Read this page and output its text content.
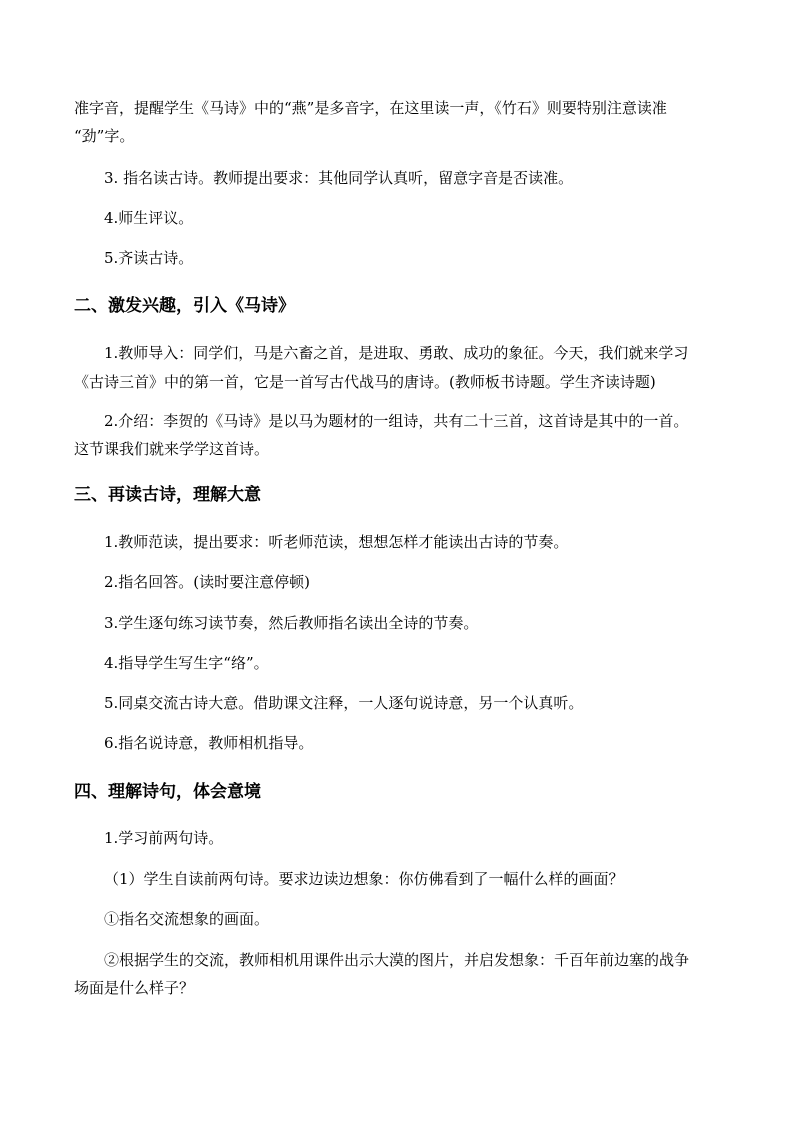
准字音，提醒学生《马诗》中的“燕”是多音字，在这里读一声，《竹石》则要特别注意读准
“劲”字。
3. 指名读古诗。教师提出要求：其他同学认真听，留意字音是否读准。
4.师生评议。
5.齐读古诗。
二、激发兴趣，引入《马诗》
1.教师导入：同学们，马是六畜之首，是进取、勇敢、成功的象征。今天，我们就来学习
《古诗三首》中的第一首，它是一首写古代战马的唐诗。(教师板书诗题。学生齐读诗题)
2.介绍：李贺的《马诗》是以马为题材的一组诗，共有二十三首，这首诗是其中的一首。
这节课我们就来学学这首诗。
三、再读古诗，理解大意
1.教师范读，提出要求：听老师范读，想想怎样才能读出古诗的节奏。
2.指名回答。(读时要注意停顿)
3.学生逐句练习读节奏，然后教师指名读出全诗的节奏。
4.指导学生写生字“络”。
5.同桌交流古诗大意。借助课文注释，一人逐句说诗意，另一个认真听。
6.指名说诗意，教师相机指导。
四、理解诗句，体会意境
1.学习前两句诗。
（1）学生自读前两句诗。要求边读边想象：你仿佛看到了一幅什么样的画面？
①指名交流想象的画面。
②根据学生的交流，教师相机用课件出示大漠的图片，并启发想象：千百年前边塞的战争
场面是什么样子？
